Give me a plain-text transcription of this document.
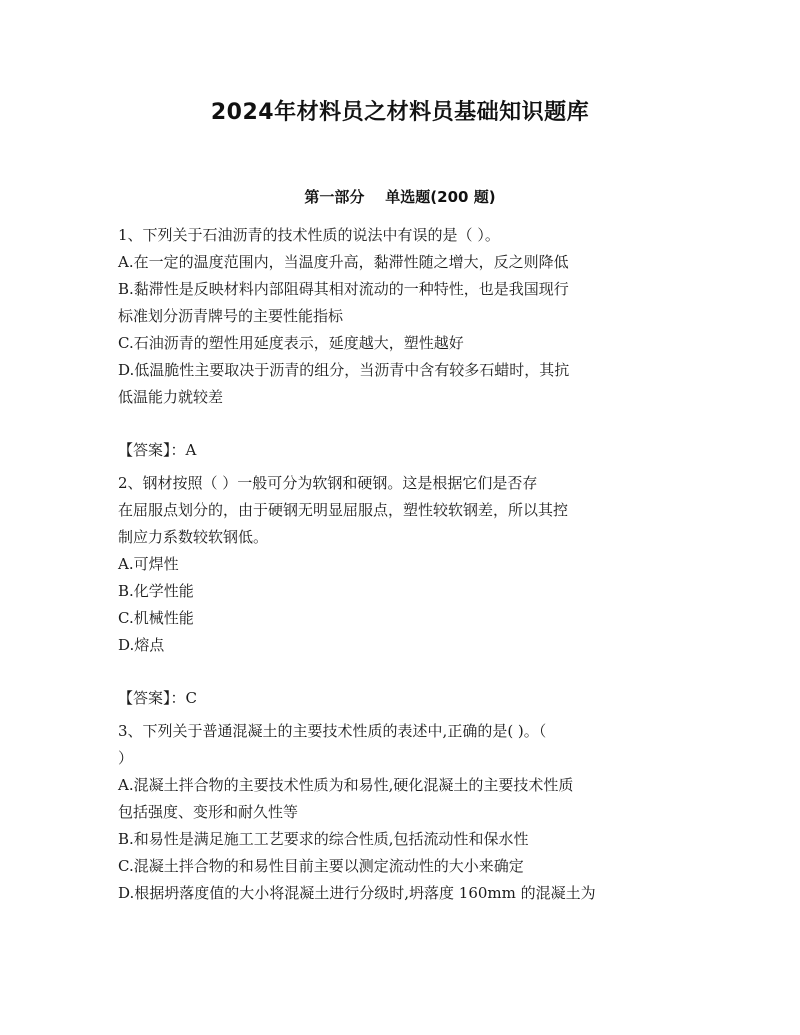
2024年材料员之材料员基础知识题库
第一部分    单选题(200 题)
1、下列关于石油沥青的技术性质的说法中有误的是（ ）。
A.在一定的温度范围内，当温度升高，黏滞性随之增大，反之则降低
B.黏滞性是反映材料内部阻碍其相对流动的一种特性，也是我国现行
标准划分沥青牌号的主要性能指标
C.石油沥青的塑性用延度表示，延度越大，塑性越好
D.低温脆性主要取决于沥青的组分，当沥青中含有较多石蜡时，其抗
低温能力就较差
【答案】：A
2、钢材按照（ ）一般可分为软钢和硬钢。这是根据它们是否存
在屈服点划分的，由于硬钢无明显屈服点，塑性较软钢差，所以其控
制应力系数较软钢低。
A.可焊性
B.化学性能
C.机械性能
D.熔点
【答案】：C
3、下列关于普通混凝土的主要技术性质的表述中,正确的是( )。（
）
A.混凝土拌合物的主要技术性质为和易性,硬化混凝土的主要技术性质
包括强度、变形和耐久性等
B.和易性是满足施工工艺要求的综合性质,包括流动性和保水性
C.混凝土拌合物的和易性目前主要以测定流动性的大小来确定
D.根据坍落度值的大小将混凝土进行分级时,坍落度 160mm 的混凝土为
